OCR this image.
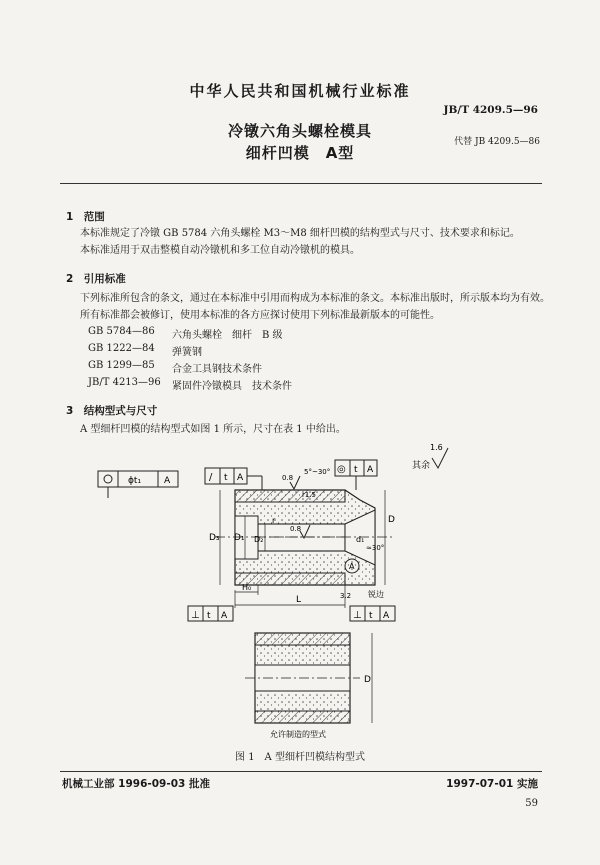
中华人民共和国机械行业标准
JB/T 4209.5—96
冷镦六角头螺栓模具
细杆凹模　A型
代替 JB 4209.5—86
1　范围
本标准规定了冷镦 GB 5784 六角头螺栓 M3～M8 细杆凹模的结构型式与尺寸、技术要求和标记。
本标准适用于双击整模自动冷镦机和多工位自动冷镦机的模具。
2　引用标准
下列标准所包含的条文，通过在本标准中引用而构成为本标准的条文。本标准出版时，所示版本均为有效。所有标准都会被修订，使用本标准的各方应探讨使用下列标准最新版本的可能性。
GB 5784—86 六角头螺栓　细杆　B 级
GB 1222—84 弹簧钢
GB 1299—85 合金工具钢技术条件
JB/T 4213—96 紧固件冷镦模具　技术条件
3　结构型式与尺寸
A 型细杆凹模的结构型式如图 1 所示，尺寸在表 1 中给出。
ϕt₁	A	/ t A
◎ t A	其余
1.6
D₃ D₁ D₂
D
d₁
≈30°
5°~30°
r1.5
r
0.8
0.8
A
H₀
L
锐边
3.2
⊥ t A	⊥ t A
D
允许制造的型式
图 1　A 型细杆凹模结构型式
机械工业部 1996-09-03 批准	1997-07-01 实施
59
